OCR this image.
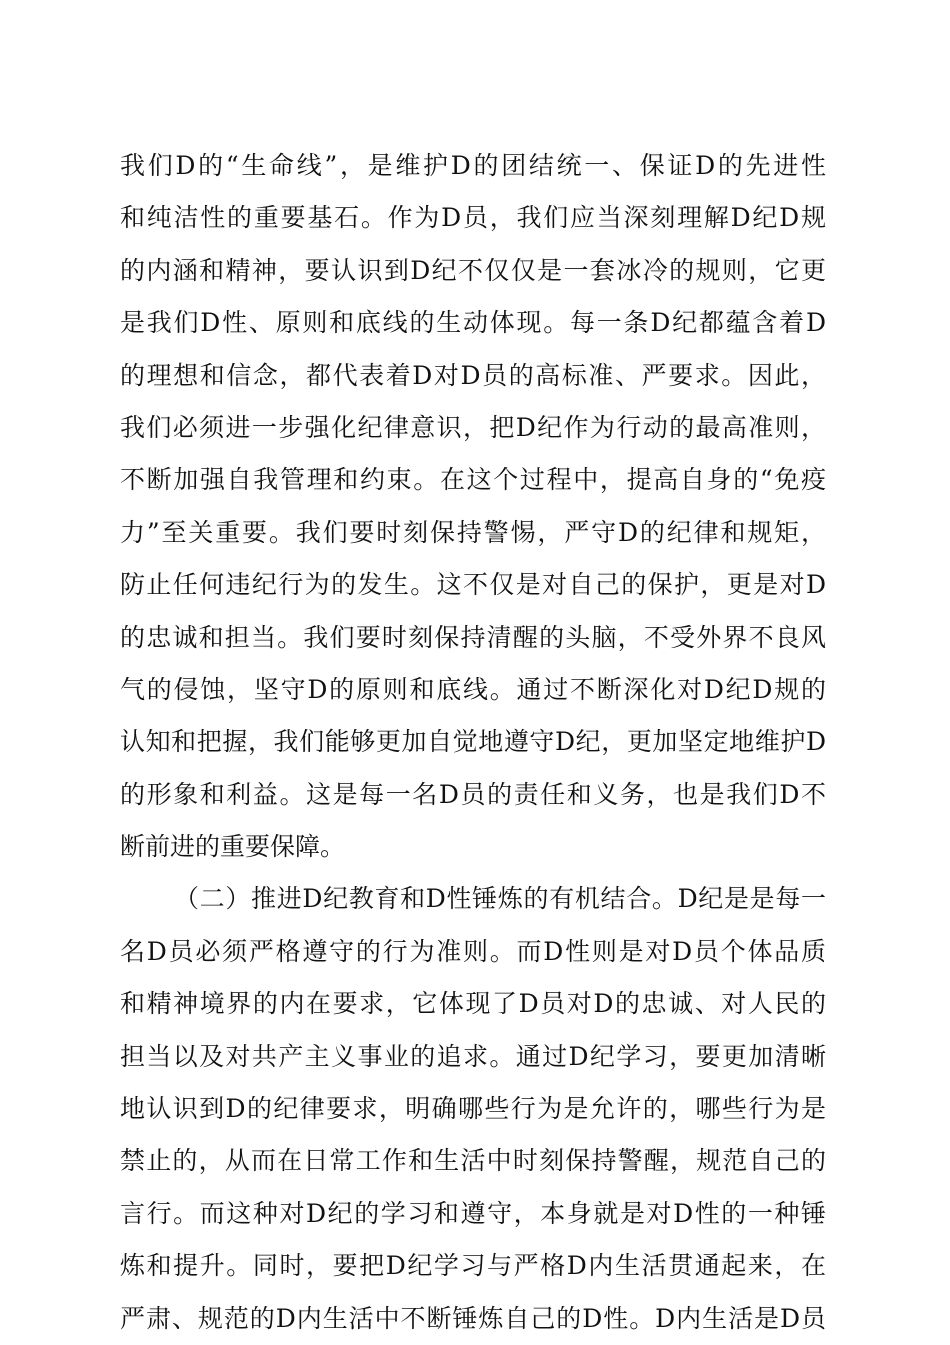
我们D的“生命线”，是维护D的团结统一、保证D的先进性
和纯洁性的重要基石。作为D员，我们应当深刻理解D纪D规
的内涵和精神，要认识到D纪不仅仅是一套冰冷的规则，它更
是我们D性、原则和底线的生动体现。每一条D纪都蕴含着D
的理想和信念，都代表着D对D员的高标准、严要求。因此，
我们必须进一步强化纪律意识，把D纪作为行动的最高准则，
不断加强自我管理和约束。在这个过程中，提高自身的“免疫
力”至关重要。我们要时刻保持警惕，严守D的纪律和规矩，
防止任何违纪行为的发生。这不仅是对自己的保护，更是对D
的忠诚和担当。我们要时刻保持清醒的头脑，不受外界不良风
气的侵蚀，坚守D的原则和底线。通过不断深化对D纪D规的
认知和把握，我们能够更加自觉地遵守D纪，更加坚定地维护D
的形象和利益。这是每一名D员的责任和义务，也是我们D不
断前进的重要保障。
（二）推进D纪教育和D性锤炼的有机结合。D纪是是每一
名D员必须严格遵守的行为准则。而D性则是对D员个体品质
和精神境界的内在要求，它体现了D员对D的忠诚、对人民的
担当以及对共产主义事业的追求。通过D纪学习，要更加清晰
地认识到D的纪律要求，明确哪些行为是允许的，哪些行为是
禁止的，从而在日常工作和生活中时刻保持警醒，规范自己的
言行。而这种对D纪的学习和遵守，本身就是对D性的一种锤
炼和提升。同时，要把D纪学习与严格D内生活贯通起来，在
严肃、规范的D内生活中不断锤炼自己的D性。D内生活是D员
